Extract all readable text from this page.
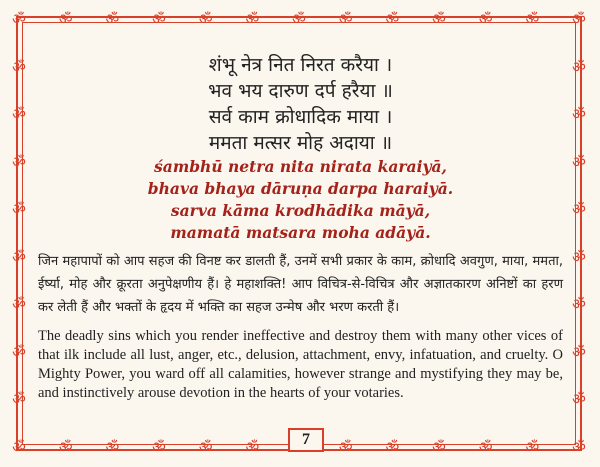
ॐ
ॐ
ॐ
ॐ
ॐ
ॐ
ॐ
ॐ
ॐ
ॐ
ॐ
ॐ
ॐ
ॐ
ॐ
ॐ
ॐ
ॐ
ॐ
ॐ
ॐ
ॐ
ॐ
ॐ
ॐ
ॐ
ॐ
ॐ
ॐ
ॐ
ॐ
ॐ
ॐ
ॐ
ॐ
ॐ
ॐ
ॐ
ॐ
ॐ
ॐ

शंभू नेत्र नित निरत करैया ।

भव भय दारुण दर्प हरैया ॥

सर्व काम क्रोधादिक माया ।

ममता मत्सर मोह अदाया ॥

śambhū netra nita nirata karaiyā,

bhava bhaya dāruṇa darpa haraiyā.

sarva kāma krodhādika māyā,

mamatā matsara moha adāyā.

जिन महापापों को आप सहज की विनष्ट कर डालती हैं, उनमें सभी प्रकार के काम, क्रोधादि अवगुण, माया, ममता, ईर्ष्या, मोह और क्रूरता अनुपेक्षणीय हैं। हे महाशक्ति! आप विचित्र-से-विचित्र और अज्ञातकारण अनिष्टों का हरण कर लेती हैं और भक्तों के हृदय में भक्ति का सहज उन्मेष और भरण करती हैं।

The deadly sins which you render ineffective and destroy them with many other vices of that ilk include all lust, anger, etc., delusion, attachment, envy, infatuation, and cruelty. O Mighty Power, you ward off all calamities, however strange and mystifying they may be, and instinctively arouse devotion in the hearts of your votaries.

7
